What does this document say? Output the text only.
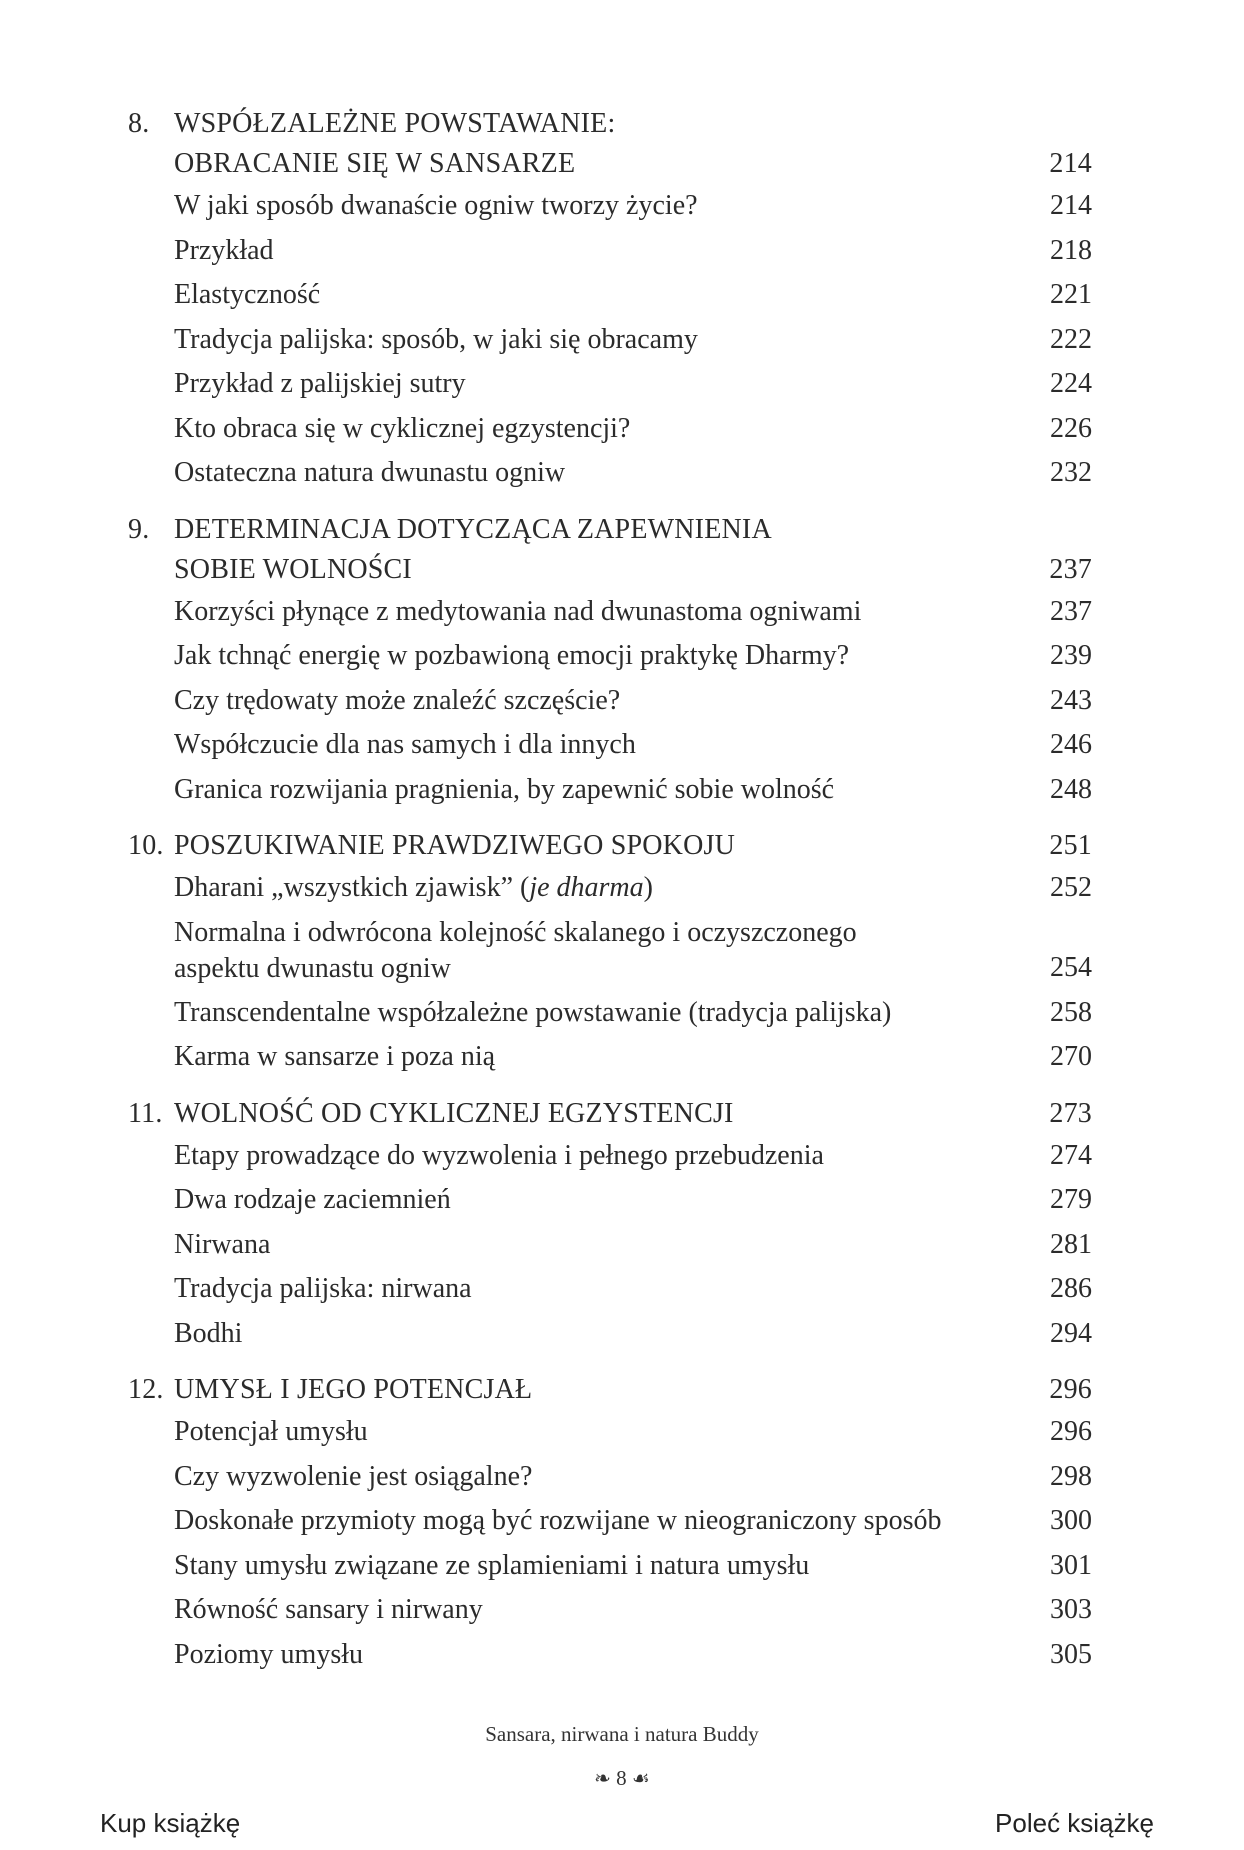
8. WSPÓŁZALEŻNE POWSTAWANIE:
OBRACANIE SIĘ W SANSARZE	214
W jaki sposób dwanaście ogniw tworzy życie?	214
Przykład	218
Elastyczność	221
Tradycja palijska: sposób, w jaki się obracamy	222
Przykład z palijskiej sutry	224
Kto obraca się w cyklicznej egzystencji?	226
Ostateczna natura dwunastu ogniw	232
9. DETERMINACJA DOTYCZĄCA ZAPEWNIENIA
SOBIE WOLNOŚCI	237
Korzyści płynące z medytowania nad dwunastoma ogniwami	237
Jak tchnąć energię w pozbawioną emocji praktykę Dharmy?	239
Czy trędowaty może znaleźć szczęście?	243
Współczucie dla nas samych i dla innych	246
Granica rozwijania pragnienia, by zapewnić sobie wolność	248
10. POSZUKIWANIE PRAWDZIWEGO SPOKOJU	251
Dharani „wszystkich zjawisk” (je dharma)	252
Normalna i odwrócona kolejność skalanego i oczyszczonego
aspektu dwunastu ogniw	254
Transcendentalne współzależne powstawanie (tradycja palijska)	258
Karma w sansarze i poza nią	270
11. WOLNOŚĆ OD CYKLICZNEJ EGZYSTENCJI	273
Etapy prowadzące do wyzwolenia i pełnego przebudzenia	274
Dwa rodzaje zaciemnień	279
Nirwana	281
Tradycja palijska: nirwana	286
Bodhi	294
12. UMYSŁ I JEGO POTENCJAŁ	296
Potencjał umysłu	296
Czy wyzwolenie jest osiągalne?	298
Doskonałe przymioty mogą być rozwijane w nieograniczony sposób	300
Stany umysłu związane ze splamieniami i natura umysłu	301
Równość sansary i nirwany	303
Poziomy umysłu	305
Sansara, nirwana i natura Buddy
❧ 8 ☙
Kup książkę	Poleć książkę
